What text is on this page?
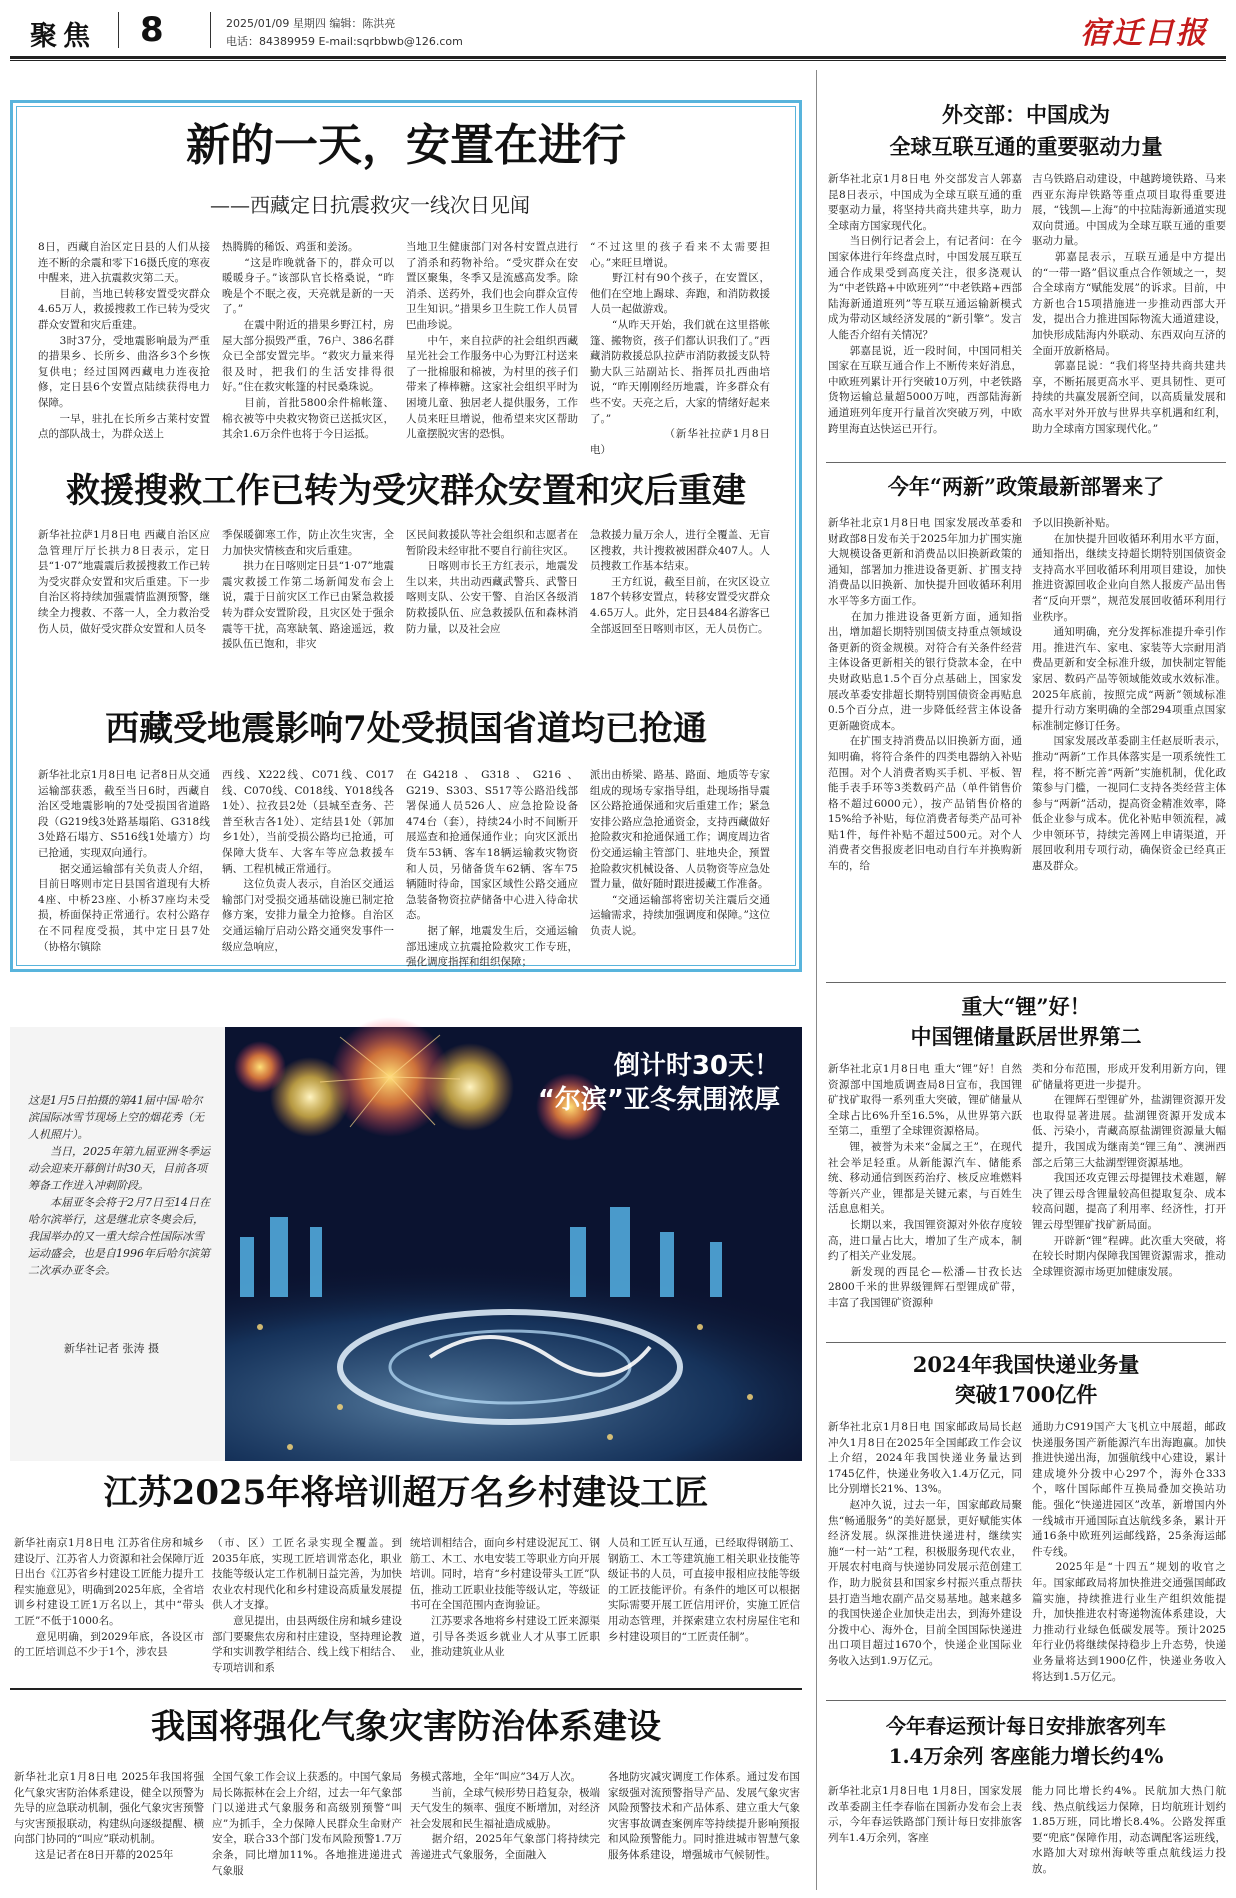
聚焦 8	2025/01/09 星期四 编辑：陈洪亮
电话：84389959 E-mail:sqrbbwb@126.com	宿迁日报
新的一天，安置在进行
——西藏定日抗震救灾一线次日见闻
8日，西藏自治区定日县的人们从接连不断的余震和零下16摄氏度的寒夜中醒来，进入抗震救灾第二天。
　　目前，当地已转移安置受灾群众4.65万人，救援搜救工作已转为受灾群众安置和灾后重建。
　　3时37分，受地震影响最为严重的措果乡、长所乡、曲洛乡3个乡恢复供电；经过国网西藏电力连夜抢修，定日县6个安置点陆续获得电力保障。
　　一早，驻扎在长所乡古莱村安置点的部队战士，为群众送上
热腾腾的稀饭、鸡蛋和姜汤。
　　“这是昨晚就备下的，群众可以暖暖身子。”该部队官长格桑说，“昨晚是个不眠之夜，天亮就是新的一天了。”
　　在震中附近的措果乡野江村，房屋大部分损毁严重，76户、386名群众已全部安置完毕。“救灾力量来得很及时，把我们的生活安排得很好。”住在救灾帐篷的村民桑珠说。
　　目前，首批5800余件棉帐篷、棉衣被等中央救灾物资已送抵灾区，其余1.6万余件也将于今日运抵。
当地卫生健康部门对各村安置点进行了消杀和药物补给。“受灾群众在安置区聚集，冬季又是流感高发季。除消杀、送药外，我们也会向群众宣传卫生知识。”措果乡卫生院工作人员冒巴曲珍说。
　　中午，来自拉萨的社会组织西藏星光社会工作服务中心为野江村送来了一批棉服和棉被，为村里的孩子们带来了棒棒糖。这家社会组织平时为困境儿童、独居老人提供服务，工作人员来旺旦增说，他希望来灾区帮助儿童摆脱灾害的恐惧。
“不过这里的孩子看来不太需要担心。”来旺旦增说。
　　野江村有90个孩子，在安置区，他们在空地上踢球、奔跑，和消防救援人员一起做游戏。
　　“从昨天开始，我们就在这里搭帐篷、搬物资，孩子们都认识我们了。”西藏消防救援总队拉萨市消防救援支队特勤大队三站副站长、指挥员扎西曲培说，“昨天刚刚经历地震，许多群众有些不安。天亮之后，大家的情绪好起来了。”
　　　　　　　（新华社拉萨1月8日电）
救援搜救工作已转为受灾群众安置和灾后重建
新华社拉萨1月8日电 西藏自治区应急管理厅厅长拱力8日表示，定日县“1·07”地震震后救援搜救工作已转为受灾群众安置和灾后重建。下一步自治区将持续加强震情监测预警，继续全力搜救、不落一人，全力救治受伤人员，做好受灾群众安置和人员冬
季保暖御寒工作，防止次生灾害，全力加快灾情核查和灾后重建。
　　拱力在日喀则定日县“1·07”地震震灾救援工作第二场新闻发布会上说，震于日前灾区工作已由紧急救援转为群众安置阶段，且灾区处于强余震等干扰，高寒缺氧、路途遥远，救援队伍已饱和，非灾
区民间救援队等社会组织和志愿者在暂阶段未经审批不要自行前往灾区。
　　日喀则市长王方红表示，地震发生以来，共出动西藏武警兵、武警日喀则支队、公安干警、自治区各级消防救援队伍、应急救援队伍和森林消防力量，以及社会应
急救援力量万余人，进行全覆盖、无盲区搜救，共计搜救被困群众407人。人员搜救工作基本结束。
　　王方红说，截至目前，在灾区设立187个转移安置点，转移安置受灾群众4.65万人。此外，定日县484名游客已全部返回至日喀则市区，无人员伤亡。
西藏受地震影响7处受损国省道均已抢通
新华社北京1月8日电 记者8日从交通运输部获悉，截至当日6时，西藏自治区受地震影响的7处受损国省道路段（G219线3处路基塌陷、G318线3处路石塌方、S516线1处墙方）均已抢通，实现双向通行。
　　据交通运输部有关负责人介绍，目前日喀则市定日县国省道现有大桥4座、中桥23座、小桥37座均未受损，桥面保持正常通行。农村公路存在不同程度受损，其中定日县7处（协格尔镇除
西线、X222线、C071线、C017线、C070线、C018线、Y018线各1处）、拉孜县2处（县城至查务、芒普至秋吉各1处）、定结县1处（郭加乡1处），当前受损公路均已抢通，可保障大货车、大客车等应急救援车辆、工程机械正常通行。
　　这位负责人表示，自治区交通运输部门对受损交通基础设施已制定抢修方案，安排力量全力抢修。自治区交通运输厅启动公路交通突发事件一级应急响应，
在G4218、G318、G216、G219、S303、S517等公路沿线部署保通人员526人、应急抢险设备474台（套），持续24小时不间断开展巡查和抢通保通作业；向灾区派出货车53辆、客车18辆运输救灾物资和人员，另储备货车62辆、客车75辆随时待命，国家区域性公路交通应急装备物资拉萨储备中心进入待命状态。
　　据了解，地震发生后，交通运输部迅速成立抗震抢险救灾工作专班，强化调度指挥和组织保障；
派出由桥梁、路基、路面、地质等专家组成的现场专家指导组，赴现场指导震区公路抢通保通和灾后重建工作；紧急安排公路应急抢通资金，支持西藏做好抢险救灾和抢通保通工作；调度周边省份交通运输主管部门、驻地央企，预置抢险救灾机械设备、人员物资等应急处置力量，做好随时跟进援藏工作准备。
　　“交通运输部将密切关注震后交通运输需求，持续加强调度和保障。”这位负责人说。
这是1月5日拍摄的第41届中国·哈尔滨国际冰雪节现场上空的烟花秀（无人机照片）。
　　当日，2025年第九届亚洲冬季运动会迎来开幕倒计时30天，目前各项筹备工作进入冲刺阶段。
　　本届亚冬会将于2月7日至14日在哈尔滨举行，这是继北京冬奥会后，我国举办的又一重大综合性国际冰雪运动盛会，也是自1996年后哈尔滨第二次承办亚冬会。
新华社记者 张涛 摄
倒计时30天！
“尔滨”亚冬氛围浓厚
江苏2025年将培训超万名乡村建设工匠
新华社南京1月8日电 江苏省住房和城乡建设厅、江苏省人力资源和社会保障厅近日出台《江苏省乡村建设工匠能力提升工程实施意见》，明确到2025年底，全省培训乡村建设工匠1万名以上，其中“带头工匠”不低于1000名。
　　意见明确，到2029年底，各设区市的工匠培训总不少于1个，涉农县
（市、区）工匠名录实现全覆盖。到2035年底，实现工匠培训常态化，职业技能等级认定工作机制日益完善，为加快农业农村现代化和乡村建设高质量发展提供人才支撑。
　　意见提出，由县两级住房和城乡建设部门要聚焦农房和村庄建设，坚持理论教学和实训教学相结合、线上线下相结合、专项培训和系
统培训相结合，面向乡村建设泥瓦工、钢筋工、木工、水电安装工等职业方向开展培训。同时，培育“乡村建设带头工匠”队伍，推动工匠职业技能等级认定，等级证书可在全国范围内查询验证。
　　江苏要求各地将乡村建设工匠来源渠道，引导各类返乡就业人才从事工匠职业，推动建筑业从业
人员和工匠互认互通，已经取得钢筋工、钢筋工、木工等建筑施工相关职业技能等级证书的人员，可直接申报相应技能等级的工匠技能评价。有条件的地区可以根据实际需要开展工匠信用评价，实施工匠信用动态管理，并探索建立农村房屋住宅和乡村建设项目的“工匠责任制”。
我国将强化气象灾害防治体系建设
新华社北京1月8日电 2025年我国将强化气象灾害防治体系建设，健全以预警为先导的应急联动机制，强化气象灾害预警与灾害预报联动，构建纵向逐级提醒、横向部门协同的“叫应”联动机制。
　　这是记者在8日开幕的2025年
全国气象工作会议上获悉的。中国气象局局长陈振林在会上介绍，过去一年气象部门以递进式气象服务和高级别预警“叫应”为抓手，全力保障人民群众生命财产安全，联合33个部门发布风险预警1.7万余条，同比增加11%。各地推进递进式气象服
务模式落地，全年“叫应”34万人次。
　　当前，全球气候形势日趋复杂，极端天气发生的频率、强度不断增加，对经济社会发展和民生福祉造成威胁。
　　据介绍，2025年气象部门将持续完善递进式气象服务，全面融入
各地防灾减灾调度工作体系。通过发布国家级强对流预警指导产品、发展气象灾害风险预警技术和产品体系、建立重大气象灾害事故调查案例库等持续提升影响预报和风险预警能力。同时推进城市智慧气象服务体系建设，增强城市气候韧性。
外交部：中国成为
全球互联互通的重要驱动力量
新华社北京1月8日电 外交部发言人郭嘉昆8日表示，中国成为全球互联互通的重要驱动力量，将坚持共商共建共享，助力全球南方国家现代化。
　　当日例行记者会上，有记者问：在今国家体进行年终盘点时，中国发展互联互通合作成果受到高度关注，很多浇观认为“中老铁路+中欧班列”“中老铁路+西部陆海新通道班列”等互联互通运输新模式成为带动区域经济发展的“新引擎”。发言人能否介绍有关情况？
　　郭嘉昆说，近一段时间，中国同相关国家在互联互通合作上不断传来好消息，中欧班列累计开行突破10万列，中老铁路货物运输总量超5000万吨，西部陆海新通道班列年度开行量首次突破万列，中欧跨里海直达快运已开行。
吉乌铁路启动建设，中越跨境铁路、马来西亚东海岸铁路等重点项目取得重要进展，“钱凯—上海”的中拉陆海新通道实现双向贯通。中国成为全球互联互通的重要驱动力量。
　　郭嘉昆表示，互联互通是中方提出的“一带一路”倡议重点合作领域之一，契合全球南方“赋能发展”的诉求。目前，中方新也合15项措施进一步推动西部大开发，提出合力推进国际物流大通道建设，加快形成陆海内外联动、东西双向互济的全面开放新格局。
　　郭嘉昆说：“我们将坚持共商共建共享，不断拓展更高水平、更具韧性、更可持续的共赢发展新空间，以高质量发展和高水平对外开放与世界共享机遇和红利，助力全球南方国家现代化。”
今年“两新”政策最新部署来了
新华社北京1月8日电 国家发展改革委和财政部8日发布关于2025年加力扩围实施大规模设备更新和消费品以旧换新政策的通知，部署加力推进设备更新、扩围支持消费品以旧换新、加快提升回收循环利用水平等多方面工作。
　　在加力推进设备更新方面，通知指出，增加超长期特别国债支持重点领域设备更新的资金规模。对符合有关条件经营主体设备更新相关的银行贷款本金，在中央财政贴息1.5个百分点基础上，国家发展改革委安排超长期特别国债资金再贴息0.5个百分点，进一步降低经营主体设备更新融资成本。
　　在扩围支持消费品以旧换新方面，通知明确，将符合条件的四类电器纳入补贴范围。对个人消费者购买手机、平板、智能手表手环等3类数码产品（单件销售价格不超过6000元），按产品销售价格的15%给予补贴，每位消费者每类产品可补贴1件，每件补贴不超过500元。对个人消费者交售报废老旧电动自行车并换购新车的，给
予以旧换新补贴。
　　在加快提升回收循环利用水平方面，通知指出，继续支持超长期特别国债资金支持高水平回收循环利用项目建设，加快推进资源回收企业向自然人报废产品出售者“反向开票”，规范发展回收循环利用行业秩序。
　　通知明确，充分发挥标准提升牵引作用。推进汽车、家电、家装等大宗耐用消费品更新和安全标准升级，加快制定智能家居、数码产品等领域能效或水效标准。2025年底前，按照完成“两新”领域标准提升行动方案明确的全部294项重点国家标准制定修订任务。
　　国家发展改革委副主任赵辰昕表示，推动“两新”工作具体落实是一项系统性工程，将不断完善“两新”实施机制，优化政策参与门槛，一视同仁支持各类经营主体参与“两新”活动，提高资金精准效率，降低企业参与成本。优化补贴申领流程，减少申领环节，持续完善网上申请渠道，开展回收利用专项行动，确保资金已经真正惠及群众。
重大“锂”好！
中国锂储量跃居世界第二
新华社北京1月8日电 重大“锂”好！自然资源部中国地质调查局8日宣布，我国锂矿找矿取得一系列重大突破，锂矿储量从全球占比6%升至16.5%，从世界第六跃至第二，重塑了全球锂资源格局。
　　锂，被誉为未来“金属之王”，在现代社会举足轻重。从新能源汽车、储能系统、移动通信到医药治疗、核反应堆燃料等新兴产业，锂都是关键元素，与百姓生活息息相关。
　　长期以来，我国锂资源对外依存度较高，进口量占比大，增加了生产成本，制约了相关产业发展。
　　新发现的西昆仑—松潘—甘孜长达2800千米的世界级锂辉石型锂成矿带，丰富了我国锂矿资源种
类和分布范围，形成开发利用新方向，锂矿储量将更进一步提升。
　　在锂辉石型锂矿外，盐湖锂资源开发也取得显著进展。盐湖锂资源开发成本低、污染小，青藏高原盐湖锂资源量大幅提升，我国成为继南美“锂三角”、澳洲西部之后第三大盐湖型锂资源基地。
　　我国还攻克锂云母提锂技术难题，解决了锂云母含锂量较高但提取复杂、成本较高问题，提高了利用率、经济性，打开锂云母型锂矿找矿新局面。
　　开辟新“锂”程碑。此次重大突破，将在较长时期内保障我国锂资源需求，推动全球锂资源市场更加健康发展。
2024年我国快递业务量
突破1700亿件
新华社北京1月8日电 国家邮政局局长赵冲久1月8日在2025年全国邮政工作会议上介绍，2024年我国快递业务量达到1745亿件，快递业务收入1.4万亿元，同比分别增长21%、13%。
　　赵冲久说，过去一年，国家邮政局聚焦“畅通服务”的美好愿景，更好赋能实体经济发展。纵深推进快递进村，继续实施“一村一站”工程，积极服务现代农业，开展农村电商与快递协同发展示范创建工作，助力脱贫县和国家乡村振兴重点帮扶县打造当地农副产品交易基地。越来越多的我国快递企业加快走出去，到海外建设分拨中心、海外仓，目前全国国际快递进出口项目超过1670个，快递企业国际业务收入达到1.9万亿元。
通助力C919国产大飞机立中展超，邮政快递服务国产新能源汽车出海跑赢。加快推进快递出海，加强航线中心建设，累计建成境外分拨中心297个，海外仓333个，喀什国际邮件互换局叠加交换站功能。强化“快递进园区”改革，新增国内外一线城市开通国际直达航线多条，累计开通16条中欧班列运邮线路，25条海运邮件专线。
　　2025年是“十四五”规划的收官之年。国家邮政局将加快推进交通强国邮政篇实施，持续推进行业生产组织效能提升，加快推进农村寄递物流体系建设，大力推动行业绿色低碳发展等。预计2025年行业仍将继续保持稳步上升态势，快递业务量将达到1900亿件，快递业务收入将达到1.5万亿元。
今年春运预计每日安排旅客列车
1.4万余列 客座能力增长约4%
新华社北京1月8日电 1月8日，国家发展改革委副主任李春临在国新办发布会上表示，今年春运铁路部门预计每日安排旅客列车1.4万余列，客座
能力同比增长约4%。民航加大热门航线、热点航线运力保障，日均航班计划约1.85万班，同比增长8.4%。公路发挥重要“兜底”保障作用，动态调配客运班线，水路加大对琼州海峡等重点航线运力投放。
